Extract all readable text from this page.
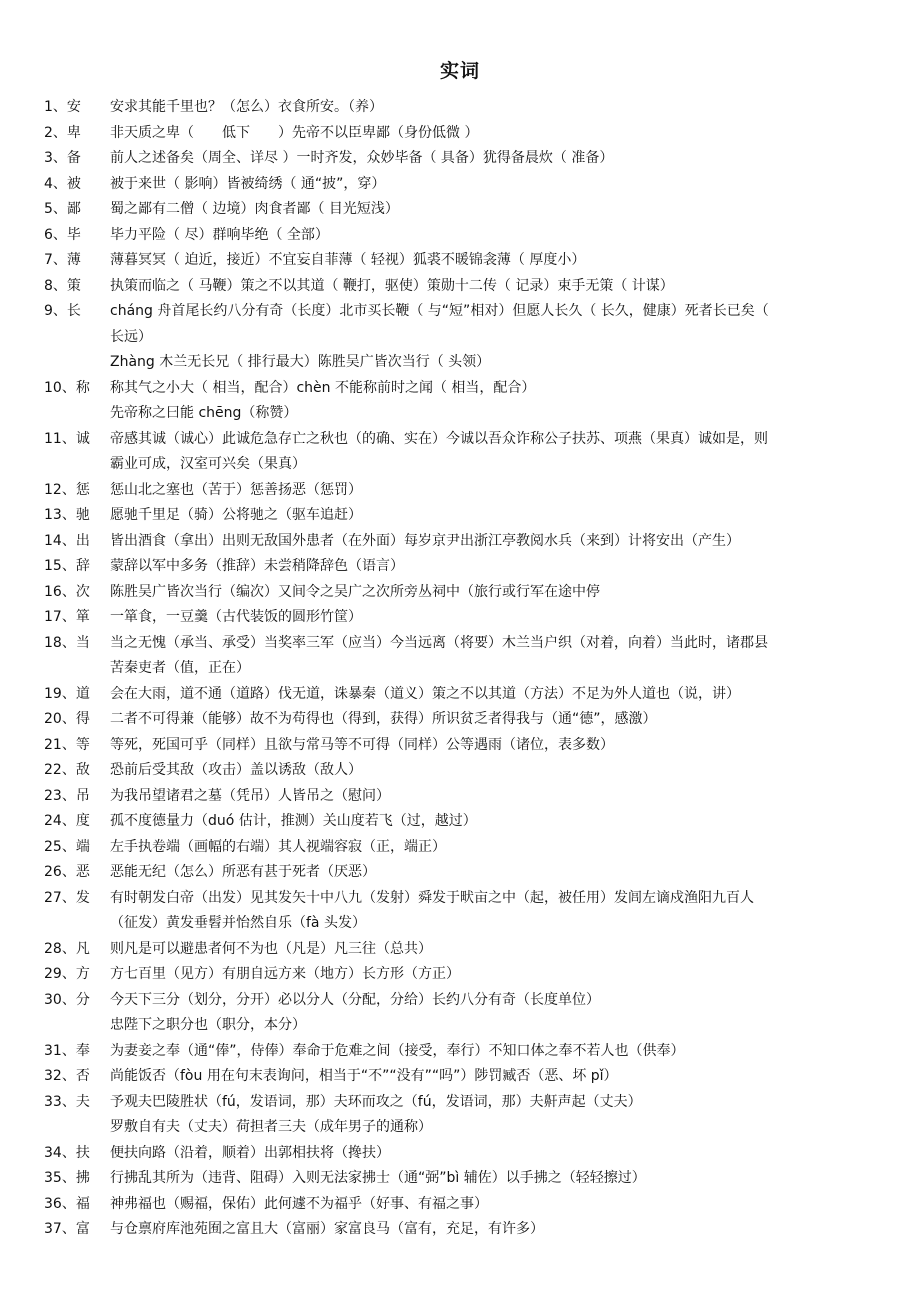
实词
1、安	安求其能千里也？（怎么）衣食所安。（养）
2、卑	非天质之卑（　　低下　　）先帝不以臣卑鄙（身份低微 ）
3、备	前人之述备矣（周全、详尽 ）一时齐发，众妙毕备（ 具备）犹得备晨炊（ 准备）
4、被	被于来世（ 影响）皆被绮绣（ 通“披”，穿）
5、鄙	蜀之鄙有二僧（ 边境）肉食者鄙（ 目光短浅）
6、毕	毕力平险（ 尽）群响毕绝（ 全部）
7、薄	薄暮冥冥（ 迫近，接近）不宜妄自菲薄（ 轻视）狐裘不暖锦衾薄（ 厚度小）
8、策	执策而临之（ 马鞭）策之不以其道（ 鞭打，驱使）策勋十二传（ 记录）束手无策（ 计谋）
9、长	cháng 舟首尾长约八分有奇（长度）北市买长鞭（ 与“短”相对）但愿人长久（ 长久，健康）死者长已矣（
长远）
Zhàng 木兰无长兄（ 排行最大）陈胜吴广皆次当行（ 头领）
10、称	称其气之小大（ 相当，配合）chèn 不能称前时之闻（ 相当，配合）
先帝称之曰能 chēng（称赞）
11、诚	帝感其诚（诚心）此诚危急存亡之秋也（的确、实在）今诚以吾众诈称公子扶苏、项燕（果真）诚如是，则
霸业可成，汉室可兴矣（果真）
12、惩	惩山北之塞也（苦于）惩善扬恶（惩罚）
13、驰	愿驰千里足（骑）公将驰之（驱车追赶）
14、出	皆出酒食（拿出）出则无敌国外患者（在外面）每岁京尹出浙江亭教阅水兵（来到）计将安出（产生）
15、辞	蒙辞以军中多务（推辞）未尝稍降辞色（语言）
16、次	陈胜吴广皆次当行（编次）又间令之吴广之次所旁丛祠中（旅行或行军在途中停
17、箪	一箪食，一豆羹（古代装饭的圆形竹筐）
18、当	当之无愧（承当、承受）当奖率三军（应当）今当远离（将要）木兰当户织（对着，向着）当此时，诸郡县
苦秦吏者（值，正在）
19、道	会在大雨，道不通（道路）伐无道，诛暴秦（道义）策之不以其道（方法）不足为外人道也（说，讲）
20、得	二者不可得兼（能够）故不为苟得也（得到，获得）所识贫乏者得我与（通“德”，感激）
21、等	等死，死国可乎（同样）且欲与常马等不可得（同样）公等遇雨（诸位，表多数）
22、敌	恐前后受其敌（攻击）盖以诱敌（敌人）
23、吊	为我吊望诸君之墓（凭吊）人皆吊之（慰问）
24、度	孤不度德量力（duó 估计，推测）关山度若飞（过，越过）
25、端	左手执卷端（画幅的右端）其人视端容寂（正，端正）
26、恶	恶能无纪（怎么）所恶有甚于死者（厌恶）
27、发	有时朝发白帝（出发）见其发矢十中八九（发射）舜发于畎亩之中（起，被任用）发闾左谪戍渔阳九百人
（征发）黄发垂髫并怡然自乐（fà 头发）
28、凡	则凡是可以避患者何不为也（凡是）凡三往（总共）
29、方	方七百里（见方）有朋自远方来（地方）长方形（方正）
30、分	今天下三分（划分，分开）必以分人（分配，分给）长约八分有奇（长度单位）
忠陛下之职分也（职分，本分）
31、奉	为妻妾之奉（通“俸”，侍俸）奉命于危难之间（接受，奉行）不知口体之奉不若人也（供奉）
32、否	尚能饭否（fòu 用在句末表询问，相当于“不”“没有”“吗”）陟罚臧否（恶、坏 pǐ）
33、夫	予观夫巴陵胜状（fú，发语词，那）夫环而攻之（fú，发语词，那）夫鼾声起（丈夫）
罗敷自有夫（丈夫）荷担者三夫（成年男子的通称）
34、扶	便扶向路（沿着，顺着）出郭相扶将（搀扶）
35、拂	行拂乱其所为（违背、阻碍）入则无法家拂士（通“弼”bì 辅佐）以手拂之（轻轻擦过）
36、福	神弗福也（赐福，保佑）此何遽不为福乎（好事、有福之事）
37、富	与仓禀府库池苑囿之富且大（富丽）家富良马（富有，充足，有许多）
